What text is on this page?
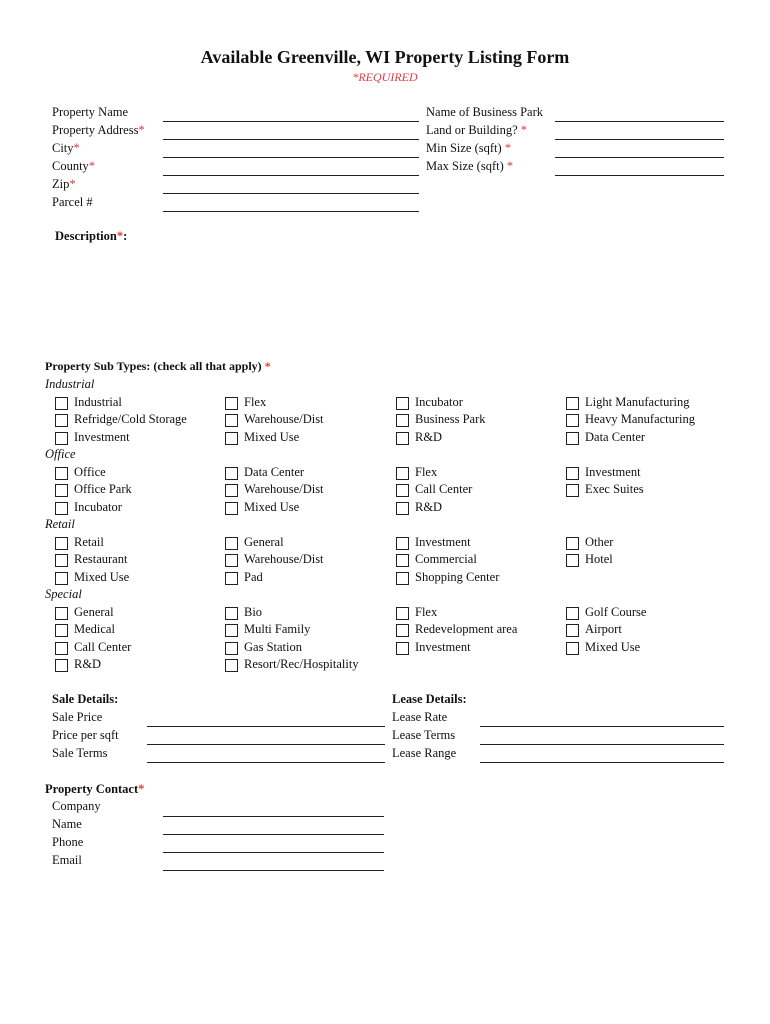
Available Greenville, WI Property Listing Form
*REQUIRED
Property Name
Property Address*
City*
County*
Zip*
Parcel #
Name of Business Park
Land or Building? *
Min Size (sqft) *
Max Size (sqft) *
Description*:
Property Sub Types: (check all that apply) *
Industrial
Industrial
Refridge/Cold Storage
Investment
Flex
Warehouse/Dist
Mixed Use
Incubator
Business Park
R&D
Light Manufacturing
Heavy Manufacturing
Data Center
Office
Office
Office Park
Incubator
Data Center
Warehouse/Dist
Mixed Use
Flex
Call Center
R&D
Investment
Exec Suites
Retail
Retail
Restaurant
Mixed Use
General
Warehouse/Dist
Pad
Investment
Commercial
Shopping Center
Other
Hotel
Special
General
Medical
Call Center
R&D
Bio
Multi Family
Gas Station
Resort/Rec/Hospitality
Flex
Redevelopment area
Investment
Golf Course
Airport
Mixed Use
Sale Details:
Sale Price
Price per sqft
Sale Terms
Lease Details:
Lease Rate
Lease Terms
Lease Range
Property Contact*
Company
Name
Phone
Email
